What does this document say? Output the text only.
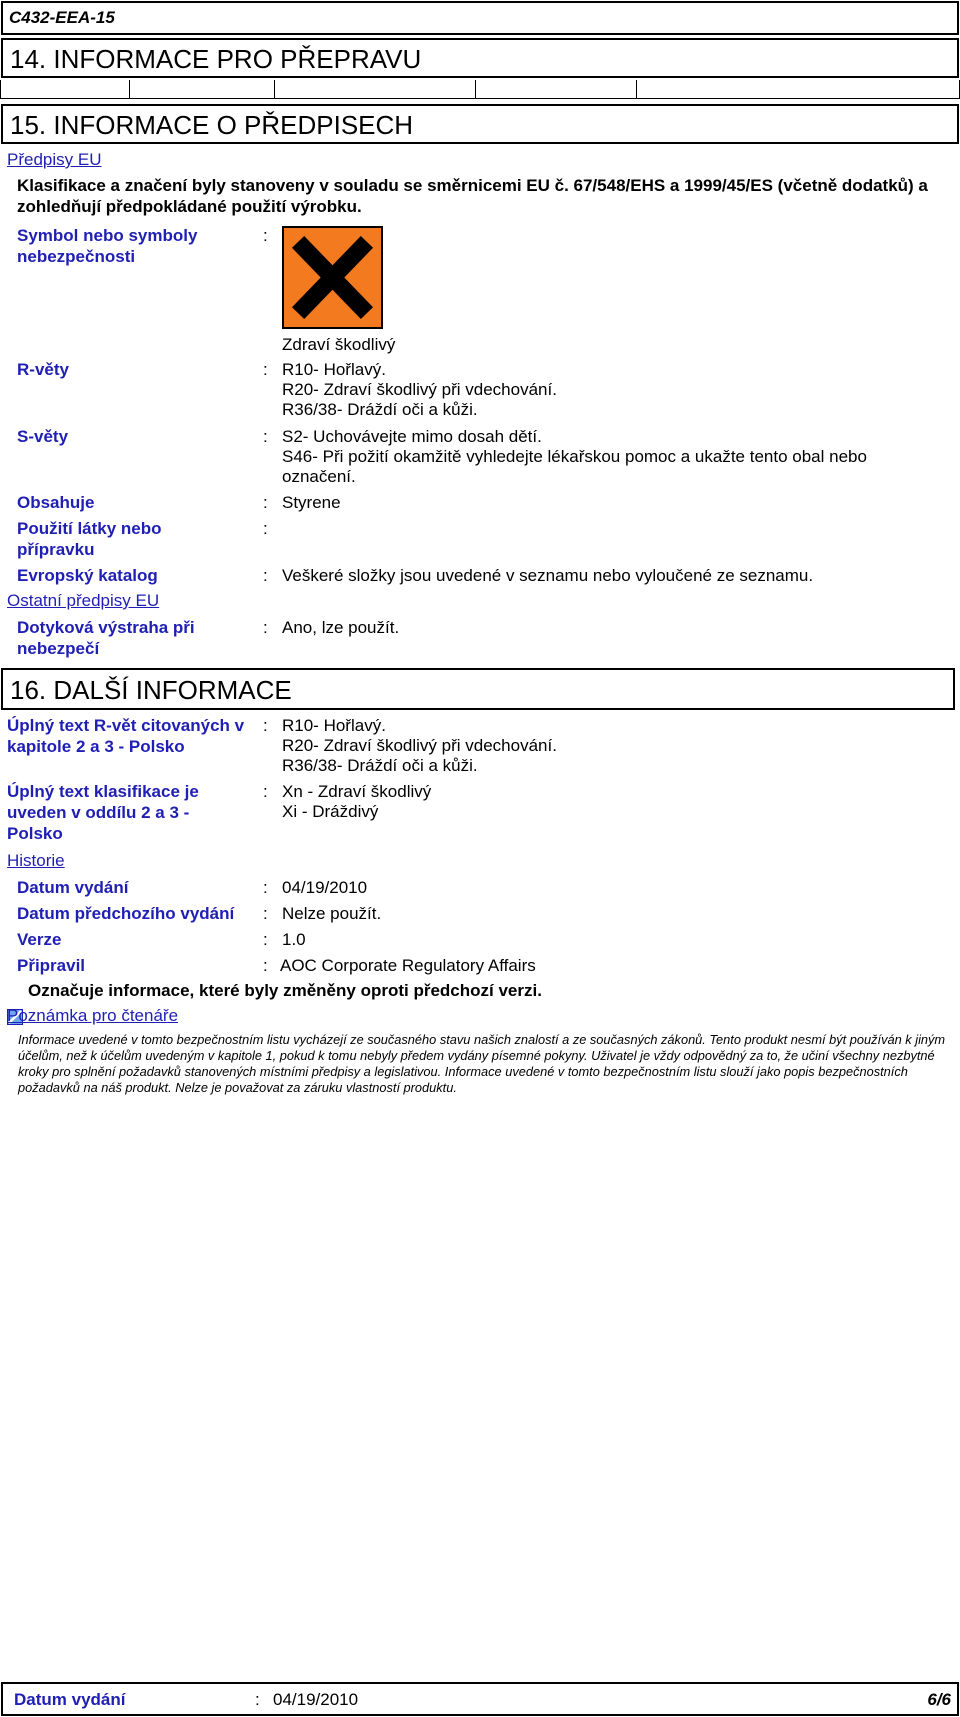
C432-EEA-15
14. INFORMACE PRO PŘEPRAVU
15. INFORMACE O PŘEDPISECH
Předpisy EU
Klasifikace a značení byly stanoveny v souladu se směrnicemi EU č. 67/548/EHS a 1999/45/ES (včetně dodatků) a zohledňují předpokládané použití výrobku.
Symbol nebo symboly nebezpečnosti
:
Zdraví škodlivý
R-věty	: R10- Hořlavý.
R20- Zdraví škodlivý při vdechování.
R36/38- Dráždí oči a kůži.
S-věty	: S2- Uchovávejte mimo dosah dětí.
S46- Při požití okamžitě vyhledejte lékařskou pomoc a ukažte tento obal nebo označení.
Obsahuje	: Styrene
Použití látky nebo přípravku
:
Evropský katalog	: Veškeré složky jsou uvedené v seznamu nebo vyloučené ze seznamu.
Ostatní předpisy EU
Dotyková výstraha při nebezpečí
: Ano, lze použít.
16. DALŠÍ INFORMACE
Úplný text R-vět citovaných v kapitole 2 a 3 - Polsko
: R10- Hořlavý.
R20- Zdraví škodlivý při vdechování.
R36/38- Dráždí oči a kůži.
Úplný text klasifikace je uveden v oddílu 2 a 3 - Polsko
: Xn - Zdraví škodlivý
Xi - Dráždivý
Historie
Datum vydání	: 04/19/2010
Datum předchozího vydání : Nelze použít.
Verze	: 1.0
Připravil	: AOC Corporate Regulatory Affairs
Označuje informace, které byly změněny oproti předchozí verzi.
Poznámka pro čtenáře
Informace uvedené v tomto bezpečnostním listu vycházejí ze současného stavu našich znalostí a ze současných zákonů. Tento produkt nesmí být používán k jiným účelům, než k účelům uvedeným v kapitole 1, pokud k tomu nebyly předem vydány písemné pokyny. Uživatel je vždy odpovědný za to, že učiní všechny nezbytné kroky pro splnění požadavků stanovených místními předpisy a legislativou. Informace uvedené v tomto bezpečnostním listu slouží jako popis bezpečnostních požadavků na náš produkt. Nelze je považovat za záruku vlastností produktu.
Datum vydání	: 04/19/2010	6/6
